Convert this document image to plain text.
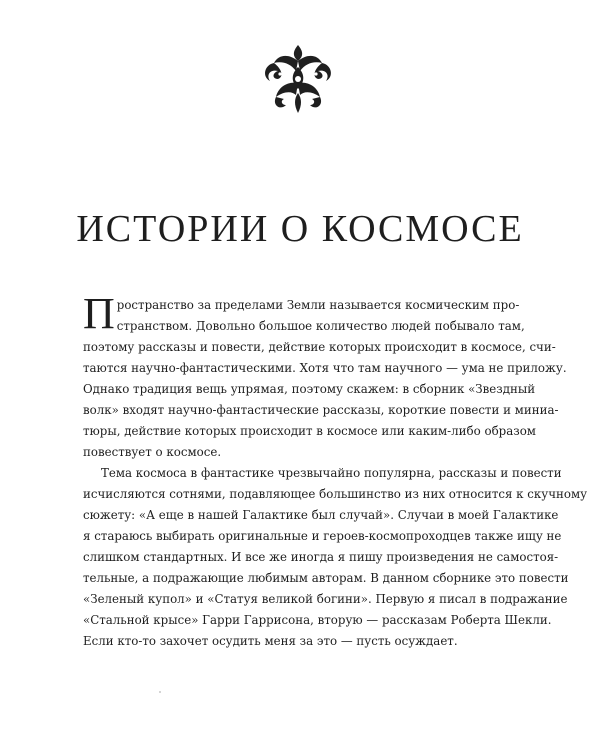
ИСТОРИИ О КОСМОСЕ
П ространство за пределами Земли называется космическим про-
странством. Довольно большое количество людей побывало там,
поэтому рассказы и повести, действие которых происходит в космосе, счи-
таются научно-фантастическими. Хотя что там научного — ума не приложу.
Однако традиция вещь упрямая, поэтому скажем: в сборник «Звездный
волк» входят научно-фантастические рассказы, короткие повести и миниа-
тюры, действие которых происходит в космосе или каким-либо образом
повествует о космосе.
Тема космоса в фантастике чрезвычайно популярна, рассказы и повести
исчисляются сотнями, подавляющее большинство из них относится к скучному
сюжету: «А еще в нашей Галактике был случай». Случаи в моей Галактике
я стараюсь выбирать оригинальные и героев-космопроходцев также ищу не
слишком стандартных. И все же иногда я пишу произведения не самостоя-
тельные, а подражающие любимым авторам. В данном сборнике это повести
«Зеленый купол» и «Статуя великой богини». Первую я писал в подражание
«Стальной крысе» Гарри Гаррисона, вторую — рассказам Роберта Шекли.
Если кто-то захочет осудить меня за это — пусть осуждает.
